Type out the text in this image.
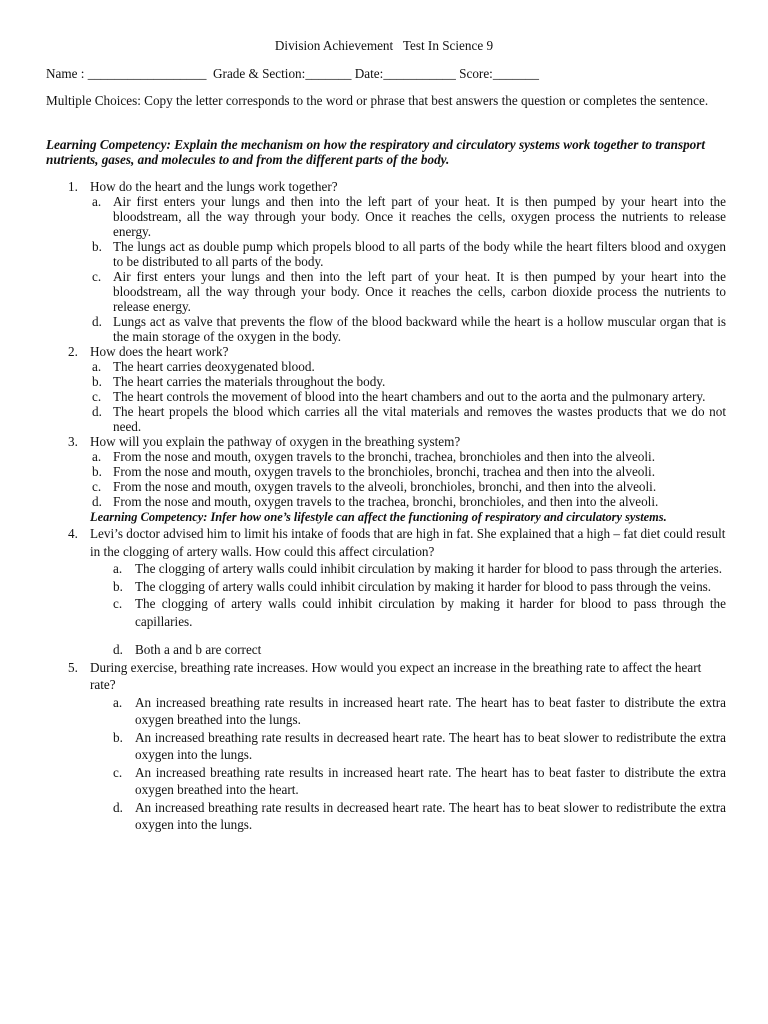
Division Achievement   Test In Science 9
Name : __________________  Grade & Section:_______ Date:___________ Score:_______
Multiple Choices: Copy the letter corresponds to the word or phrase that best answers the question or completes the sentence.
Learning Competency: Explain the mechanism on how the respiratory and circulatory systems work together to transport nutrients, gases, and molecules to and from the different parts of the body.
1. How do the heart and the lungs work together?
a. Air first enters your lungs and then into the left part of your heat. It is then pumped by your heart into the bloodstream, all the way through your body. Once it reaches the cells, oxygen process the nutrients to release energy.
b. The lungs act as double pump which propels blood to all parts of the body while the heart filters blood and oxygen to be distributed to all parts of the body.
c. Air first enters your lungs and then into the left part of your heat. It is then pumped by your heart into the bloodstream, all the way through your body. Once it reaches the cells, carbon dioxide process the nutrients to release energy.
d. Lungs act as valve that prevents the flow of the blood backward while the heart is a hollow muscular organ that is the main storage of the oxygen in the body.
2. How does the heart work?
a. The heart carries deoxygenated blood.
b. The heart carries the materials throughout the body.
c. The heart controls the movement of blood into the heart chambers and out to the aorta and the pulmonary artery.
d. The heart propels the blood which carries all the vital materials and removes the wastes products that we do not need.
3. How will you explain the pathway of oxygen in the breathing system?
a. From the nose and mouth, oxygen travels to the bronchi, trachea, bronchioles and then into the alveoli.
b. From the nose and mouth, oxygen travels to the bronchioles, bronchi, trachea and then into the alveoli.
c. From the nose and mouth, oxygen travels to the alveoli, bronchioles, bronchi, and then into the alveoli.
d. From the nose and mouth, oxygen travels to the trachea, bronchi, bronchioles, and then into the alveoli.
Learning Competency: Infer how one’s lifestyle can affect the functioning of respiratory and circulatory systems.
4. Levi’s doctor advised him to limit his intake of foods that are high in fat. She explained that a high – fat diet could result in the clogging of artery walls. How could this affect circulation?
a. The clogging of artery walls could inhibit circulation by making it harder for blood to pass through the arteries.
b. The clogging of artery walls could inhibit circulation by making it harder for blood to pass through the veins.
c. The clogging of artery walls could inhibit circulation by making it harder for blood to pass through the capillaries.
d. Both a and b are correct
5. During exercise, breathing rate increases. How would you expect an increase in the breathing rate to affect the heart rate?
a. An increased breathing rate results in increased heart rate. The heart has to beat faster to distribute the extra oxygen breathed into the lungs.
b. An increased breathing rate results in decreased heart rate. The heart has to beat slower to redistribute the extra oxygen into the lungs.
c. An increased breathing rate results in increased heart rate. The heart has to beat faster to distribute the extra oxygen breathed into the heart.
d. An increased breathing rate results in decreased heart rate. The heart has to beat slower to redistribute the extra oxygen into the lungs.
